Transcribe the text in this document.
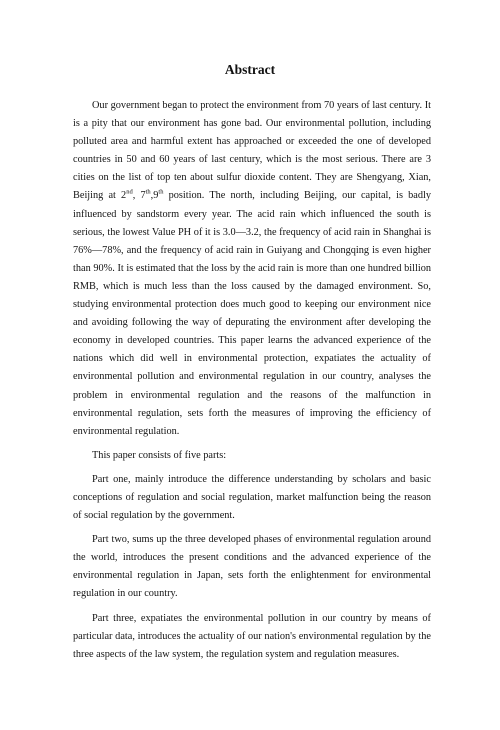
Abstract

Our government began to protect the environment from 70 years of last century. It is a pity that our environment has gone bad. Our environmental pollution, including polluted area and harmful extent has approached or exceeded the one of developed countries in 50 and 60 years of last century, which is the most serious. There are 3 cities on the list of top ten about sulfur dioxide content. They are Shengyang, Xian, Beijing at 2nd, 7th,9th position. The north, including Beijing, our capital, is badly influenced by sandstorm every year. The acid rain which influenced the south is serious, the lowest Value PH of it is 3.0—3.2, the frequency of acid rain in Shanghai is 76%—78%, and the frequency of acid rain in Guiyang and Chongqing is even higher than 90%. It is estimated that the loss by the acid rain is more than one hundred billion RMB, which is much less than the loss caused by the damaged environment. So, studying environmental protection does much good to keeping our environment nice and avoiding following the way of depurating the environment after developing the economy in developed countries. This paper learns the advanced experience of the nations which did well in environmental protection, expatiates the actuality of environmental pollution and environmental regulation in our country, analyses the problem in environmental regulation and the reasons of the malfunction in environmental regulation, sets forth the measures of improving the efficiency of environmental regulation.

This paper consists of five parts:

Part one, mainly introduce the difference understanding by scholars and basic conceptions of regulation and social regulation, market malfunction being the reason of social regulation by the government.

Part two, sums up the three developed phases of environmental regulation around the world, introduces the present conditions and the advanced experience of the environmental regulation in Japan, sets forth the enlightenment for environmental regulation in our country.

Part three, expatiates the environmental pollution in our country by means of particular data, introduces the actuality of our nation's environmental regulation by the three aspects of the law system, the regulation system and regulation measures.
